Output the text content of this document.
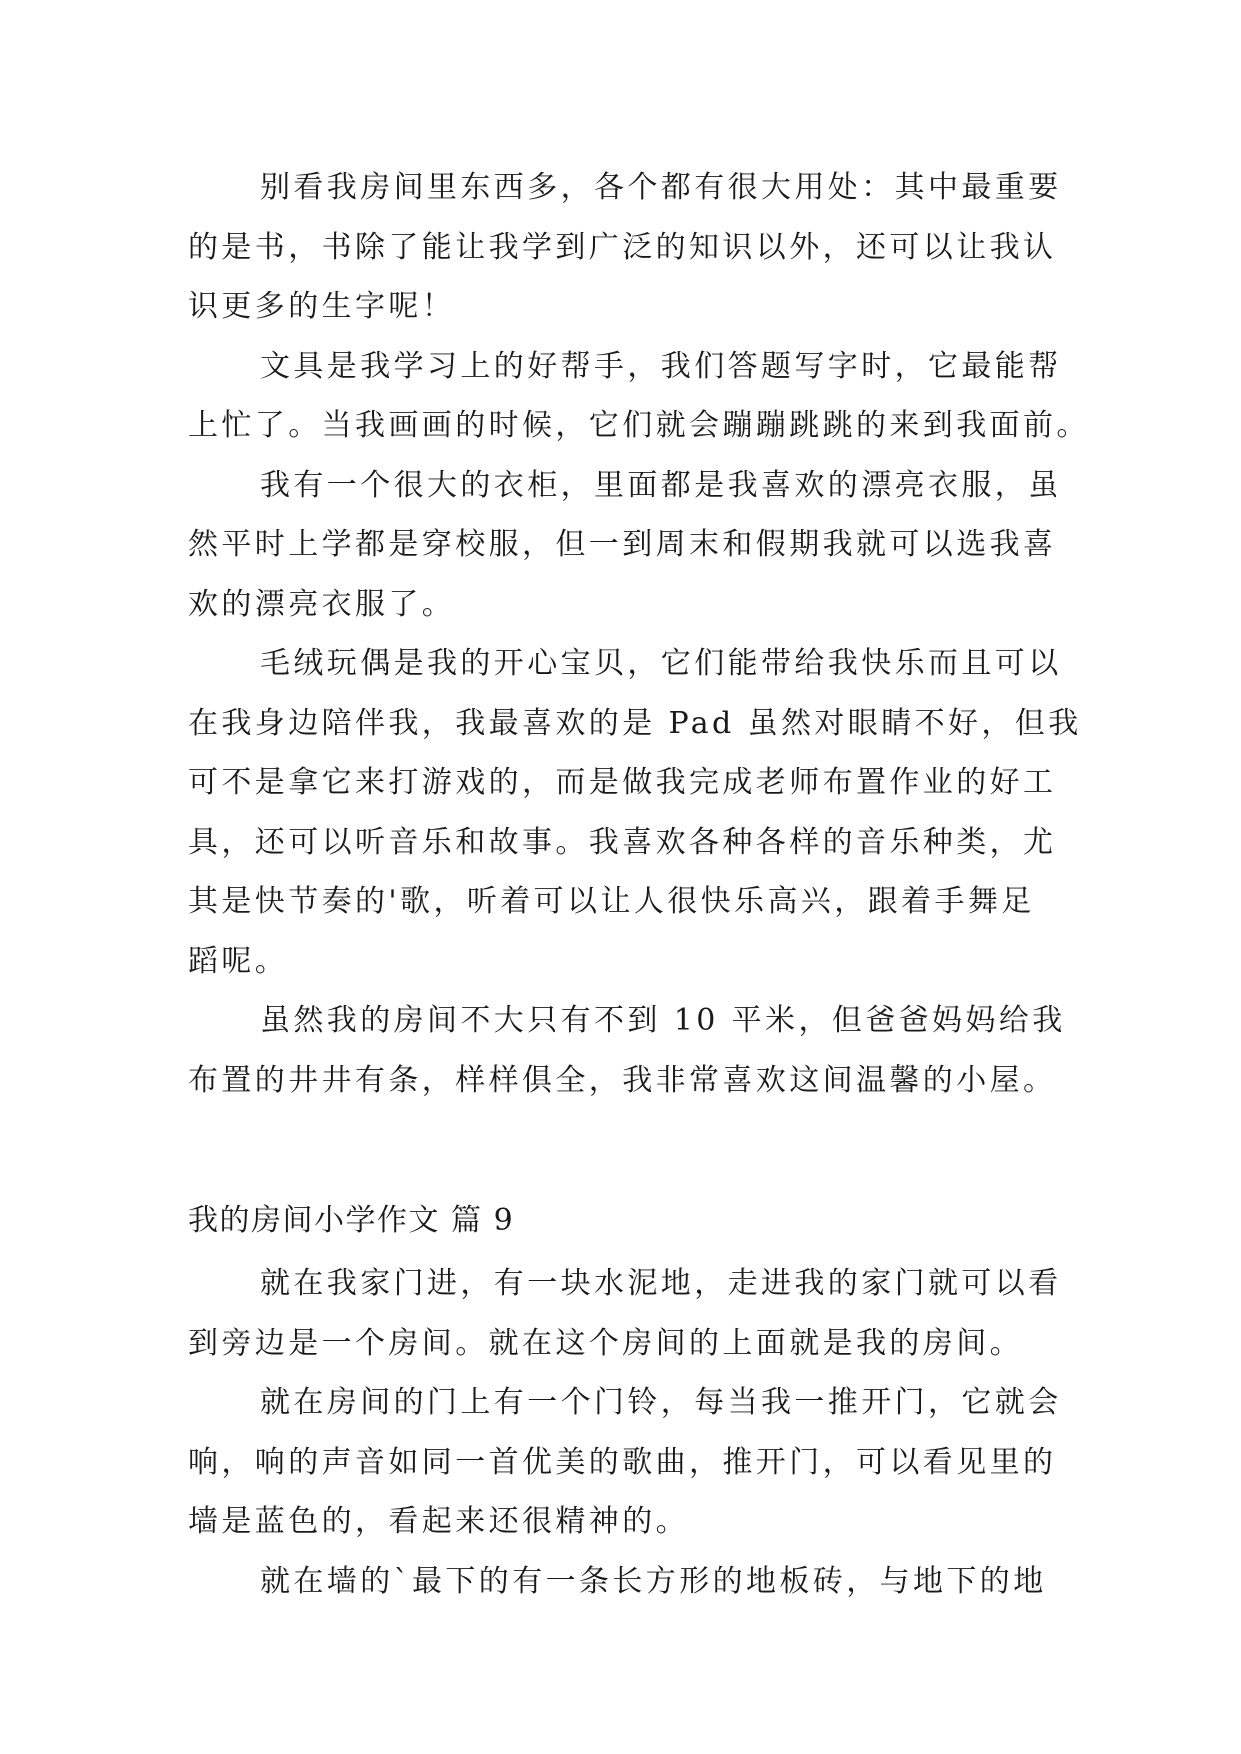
别看我房间里东西多，各个都有很大用处：其中最重要
的是书，书除了能让我学到广泛的知识以外，还可以让我认
识更多的生字呢！
文具是我学习上的好帮手，我们答题写字时，它最能帮
上忙了。当我画画的时候，它们就会蹦蹦跳跳的来到我面前。
我有一个很大的衣柜，里面都是我喜欢的漂亮衣服，虽
然平时上学都是穿校服，但一到周末和假期我就可以选我喜
欢的漂亮衣服了。
毛绒玩偶是我的开心宝贝，它们能带给我快乐而且可以
在我身边陪伴我，我最喜欢的是 Pad 虽然对眼睛不好，但我
可不是拿它来打游戏的，而是做我完成老师布置作业的好工
具，还可以听音乐和故事。我喜欢各种各样的音乐种类，尤
其是快节奏的'歌，听着可以让人很快乐高兴，跟着手舞足
蹈呢。
虽然我的房间不大只有不到 10 平米，但爸爸妈妈给我
布置的井井有条，样样俱全，我非常喜欢这间温馨的小屋。
我的房间小学作文 篇 9
就在我家门进，有一块水泥地，走进我的家门就可以看
到旁边是一个房间。就在这个房间的上面就是我的房间。
就在房间的门上有一个门铃，每当我一推开门，它就会
响，响的声音如同一首优美的歌曲，推开门，可以看见里的
墙是蓝色的，看起来还很精神的。
就在墙的`最下的有一条长方形的地板砖，与地下的地
